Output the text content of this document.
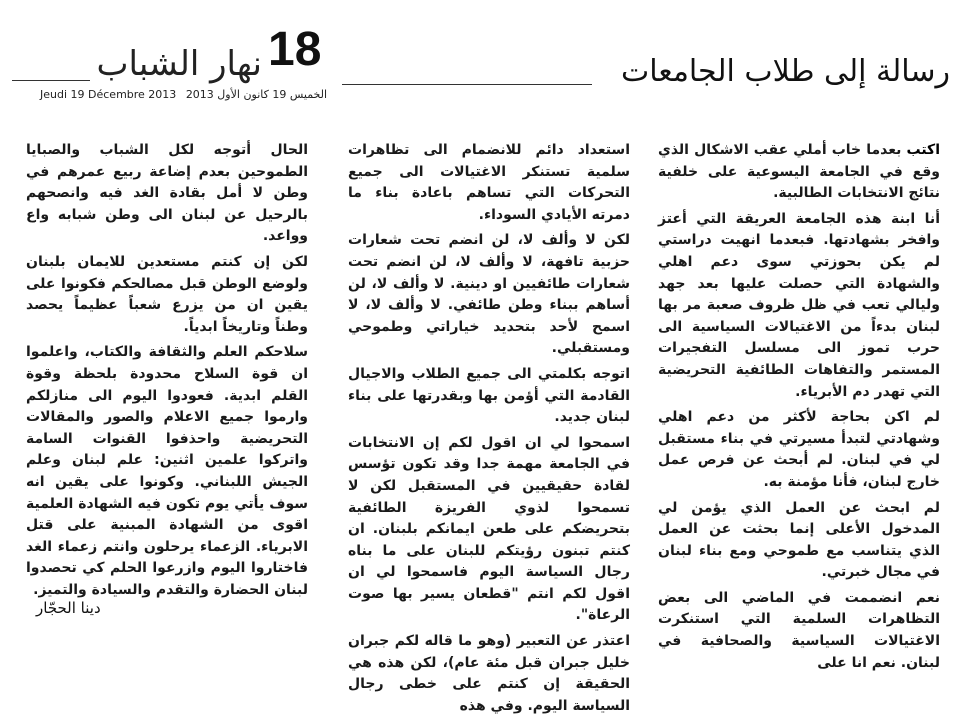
18
نهار الشباب
Jeudi 19 Décembre 2013 الخميس 19 كانون الأول 2013
رسالة إلى طلاب الجامعات

اكتب بعدما خاب أملي عقب الاشكال الذي وقع في الجامعة اليسوعية على خلفية نتائج الانتخابات الطالبية.

أنا ابنة هذه الجامعة العريقة التي أعتز وافخر بشهادتها. فبعدما انهيت دراستي لم يكن بحوزتي سوى دعم اهلي والشهادة التي حصلت عليها بعد جهد وليالي تعب في ظل ظروف صعبة مر بها لبنان بدءاً من الاغتيالات السياسية الى حرب تموز الى مسلسل التفجيرات المستمر والتفاهات الطائفية التحريضية التي تهدر دم الأبرياء.

لم اكن بحاجة لأكثر من دعم اهلي وشهادتي لتبدأ مسيرتي في بناء مستقبل لي في لبنان. لم أبحث عن فرص عمل خارج لبنان، فأنا مؤمنة به.

لم ابحث عن العمل الذي يؤمن لي المدخول الأعلى إنما بحثت عن العمل الذي يتناسب مع طموحي ومع بناء لبنان في مجال خبرتي.

نعم انضممت في الماضي الى بعض التظاهرات السلمية التي استنكرت الاغتيالات السياسية والصحافية في لبنان. نعم انا على

استعداد دائم للانضمام الى تظاهرات سلمية تستنكر الاغتيالات الى جميع التحركات التي تساهم باعادة بناء ما دمرته الأيادي السوداء.

لكن لا وألف لا، لن انضم تحت شعارات حزبية تافهة، لا وألف لا، لن انضم تحت شعارات طائفيين او دينية. لا وألف لا، لن أساهم ببناء وطن طائفي. لا وألف لا، لا اسمح لأحد بتحديد خياراتي وطموحي ومستقبلي.

اتوجه بكلمتي الى جميع الطلاب والاجيال القادمة التي أؤمن بها وبقدرتها على بناء لبنان جديد.

اسمحوا لي ان اقول لكم إن الانتخابات في الجامعة مهمة جدا وقد تكون تؤسس لقادة حقيقيين في المستقبل لكن لا تسمحوا لذوي الفريزة الطائفية بتحريضكم على طعن ايمانكم بلبنان. ان كنتم تبنون رؤيتكم للبنان على ما بناه رجال السياسة اليوم فاسمحوا لي ان اقول لكم انتم "قطعان يسير بها صوت الرعاة".

اعتذر عن التعبير (وهو ما قاله لكم جبران خليل جبران قبل مئة عام)، لكن هذه هي الحقيقة إن كنتم على خطى رجال السياسة اليوم. وفي هذه

الحال أتوجه لكل الشباب والصبايا الطموحين بعدم إضاعة ربيع عمرهم في وطن لا أمل بقادة الغد فيه وانصحهم بالرحيل عن لبنان الى وطن شبابه واع وواعد.

لكن إن كنتم مستعدين للايمان بلبنان ولوضع الوطن قبل مصالحكم فكونوا على يقين ان من يزرع شعباً عظيماً يحصد وطناً وتاريخاً ابدياً.

سلاحكم العلم والثقافة والكتاب، واعلموا ان قوة السلاح محدودة بلحظة وقوة القلم ابدية. فعودوا اليوم الى منازلكم وارموا جميع الاعلام والصور والمقالات التحريضية واحذفوا القنوات السامة واتركوا علمين اثنين: علم لبنان وعلم الجيش اللبناني. وكونوا على يقين انه سوف يأتي يوم تكون فيه الشهادة العلمية اقوى من الشهادة المبنية على قتل الابرياء. الزعماء يرحلون وانتم زعماء الغد فاختاروا اليوم وازرعوا الحلم كي تحصدوا لبنان الحضارة والتقدم والسيادة والتميز.

دينا الحجّار
